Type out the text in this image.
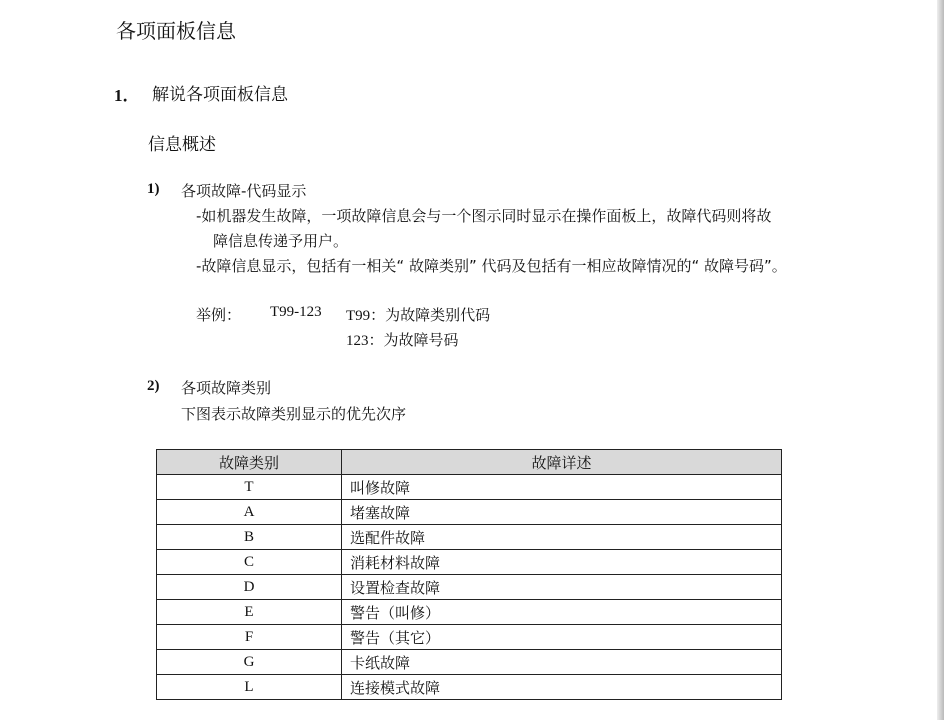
各项面板信息
1． 解说各项面板信息
信息概述
1) 各项故障-代码显示
-如机器发生故障，一项故障信息会与一个图示同时显示在操作面板上，故障代码则将故
障信息传递予用户。
-故障信息显示，包括有一相关“ 故障类别” 代码及包括有一相应故障情况的“ 故障号码”。
举例： T99-123 T99：为故障类别代码
123：为故障号码
2) 各项故障类别
下图表示故障类别显示的优先次序
故障类别	故障详述
T	叫修故障
A	堵塞故障
B	选配件故障
C	消耗材料故障
D	设置检查故障
E	警告（叫修）
F	警告（其它）
G	卡纸故障
L	连接模式故障
